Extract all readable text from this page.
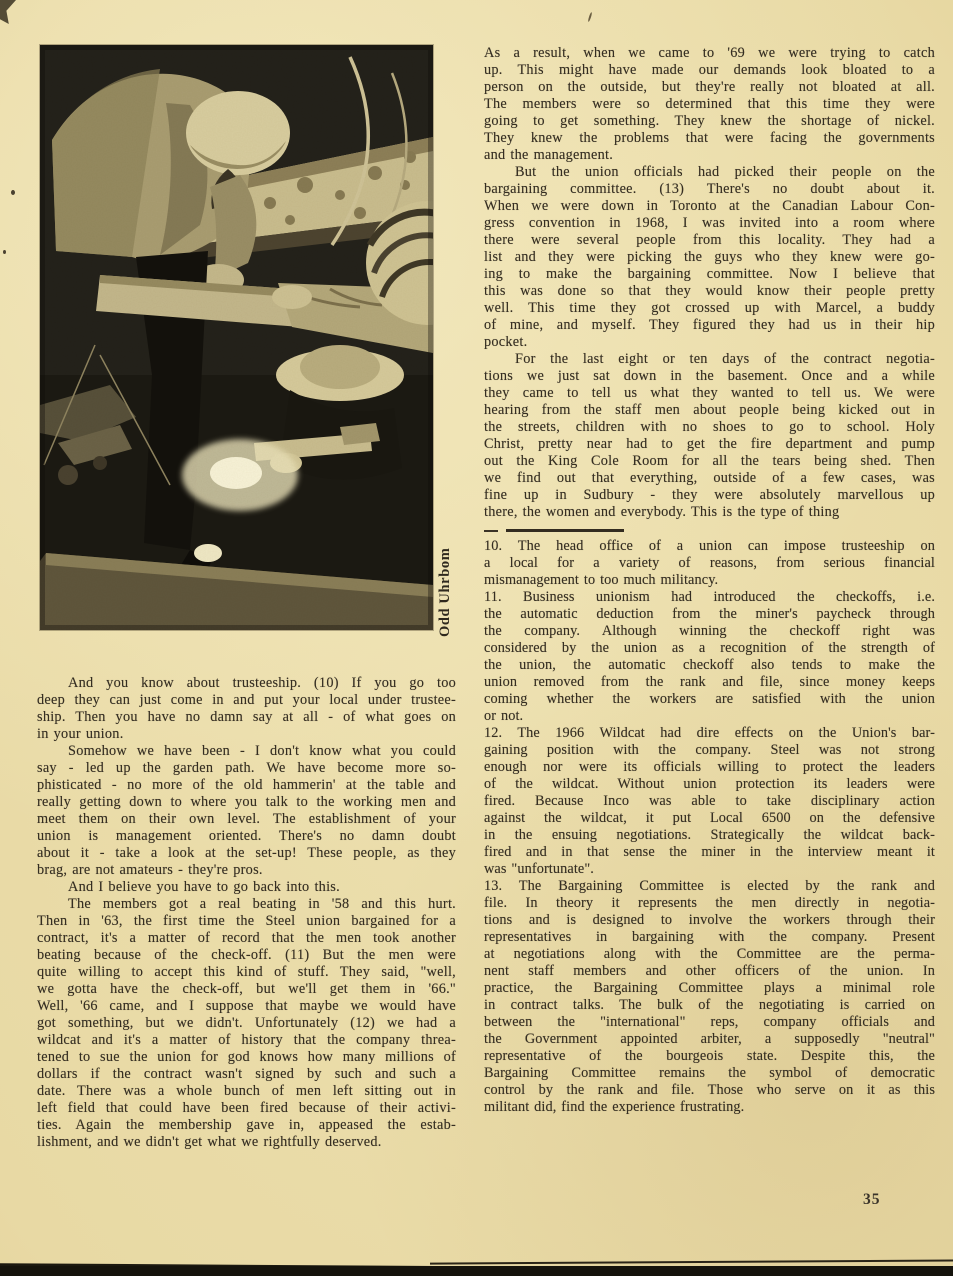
Odd Uhrbom
And you know about trusteeship. (10) If you go too
deep they can just come in and put your local under trustee-
ship. Then you have no damn say at all - of what goes on
in your union.
Somehow we have been - I don't know what you could
say - led up the garden path. We have become more so-
phisticated - no more of the old hammerin' at the table and
really getting down to where you talk to the working men and
meet them on their own level. The establishment of your
union is management oriented. There's no damn doubt
about it - take a look at the set-up! These people, as they
brag, are not amateurs - they're pros.
And I believe you have to go back into this.
The members got a real beating in '58 and this hurt.
Then in '63, the first time the Steel union bargained for a
contract, it's a matter of record that the men took another
beating because of the check-off. (11) But the men were
quite willing to accept this kind of stuff. They said, "well,
we gotta have the check-off, but we'll get them in '66."
Well, '66 came, and I suppose that maybe we would have
got something, but we didn't. Unfortunately (12) we had a
wildcat and it's a matter of history that the company threa-
tened to sue the union for god knows how many millions of
dollars if the contract wasn't signed by such and such a
date. There was a whole bunch of men left sitting out in
left field that could have been fired because of their activi-
ties. Again the membership gave in, appeased the estab-
lishment, and we didn't get what we rightfully deserved.
As a result, when we came to '69 we were trying to catch
up. This might have made our demands look bloated to a
person on the outside, but they're really not bloated at all.
The members were so determined that this time they were
going to get something. They knew the shortage of nickel.
They knew the problems that were facing the governments
and the management.
But the union officials had picked their people on the
bargaining committee. (13) There's no doubt about it.
When we were down in Toronto at the Canadian Labour Con-
gress convention in 1968, I was invited into a room where
there were several people from this locality. They had a
list and they were picking the guys who they knew were go-
ing to make the bargaining committee. Now I believe that
this was done so that they would know their people pretty
well. This time they got crossed up with Marcel, a buddy
of mine, and myself. They figured they had us in their hip
pocket.
For the last eight or ten days of the contract negotia-
tions we just sat down in the basement. Once and a while
they came to tell us what they wanted to tell us. We were
hearing from the staff men about people being kicked out in
the streets, children with no shoes to go to school. Holy
Christ, pretty near had to get the fire department and pump
out the King Cole Room for all the tears being shed. Then
we find out that everything, outside of a few cases, was
fine up in Sudbury - they were absolutely marvellous up
there, the women and everybody. This is the type of thing
10. The head office of a union can impose trusteeship on
a local for a variety of reasons, from serious financial
mismanagement to too much militancy.
11. Business unionism had introduced the checkoffs, i.e.
the automatic deduction from the miner's paycheck through
the company. Although winning the checkoff right was
considered by the union as a recognition of the strength of
the union, the automatic checkoff also tends to make the
union removed from the rank and file, since money keeps
coming whether the workers are satisfied with the union
or not.
12. The 1966 Wildcat had dire effects on the Union's bar-
gaining position with the company. Steel was not strong
enough nor were its officials willing to protect the leaders
of the wildcat. Without union protection its leaders were
fired. Because Inco was able to take disciplinary action
against the wildcat, it put Local 6500 on the defensive
in the ensuing negotiations. Strategically the wildcat back-
fired and in that sense the miner in the interview meant it
was "unfortunate".
13. The Bargaining Committee is elected by the rank and
file. In theory it represents the men directly in negotia-
tions and is designed to involve the workers through their
representatives in bargaining with the company. Present
at negotiations along with the Committee are the perma-
nent staff members and other officers of the union. In
practice, the Bargaining Committee plays a minimal role
in contract talks. The bulk of the negotiating is carried on
between the "international" reps, company officials and
the Government appointed arbiter, a supposedly "neutral"
representative of the bourgeois state. Despite this, the
Bargaining Committee remains the symbol of democratic
control by the rank and file. Those who serve on it as this
militant did, find the experience frustrating.
35
